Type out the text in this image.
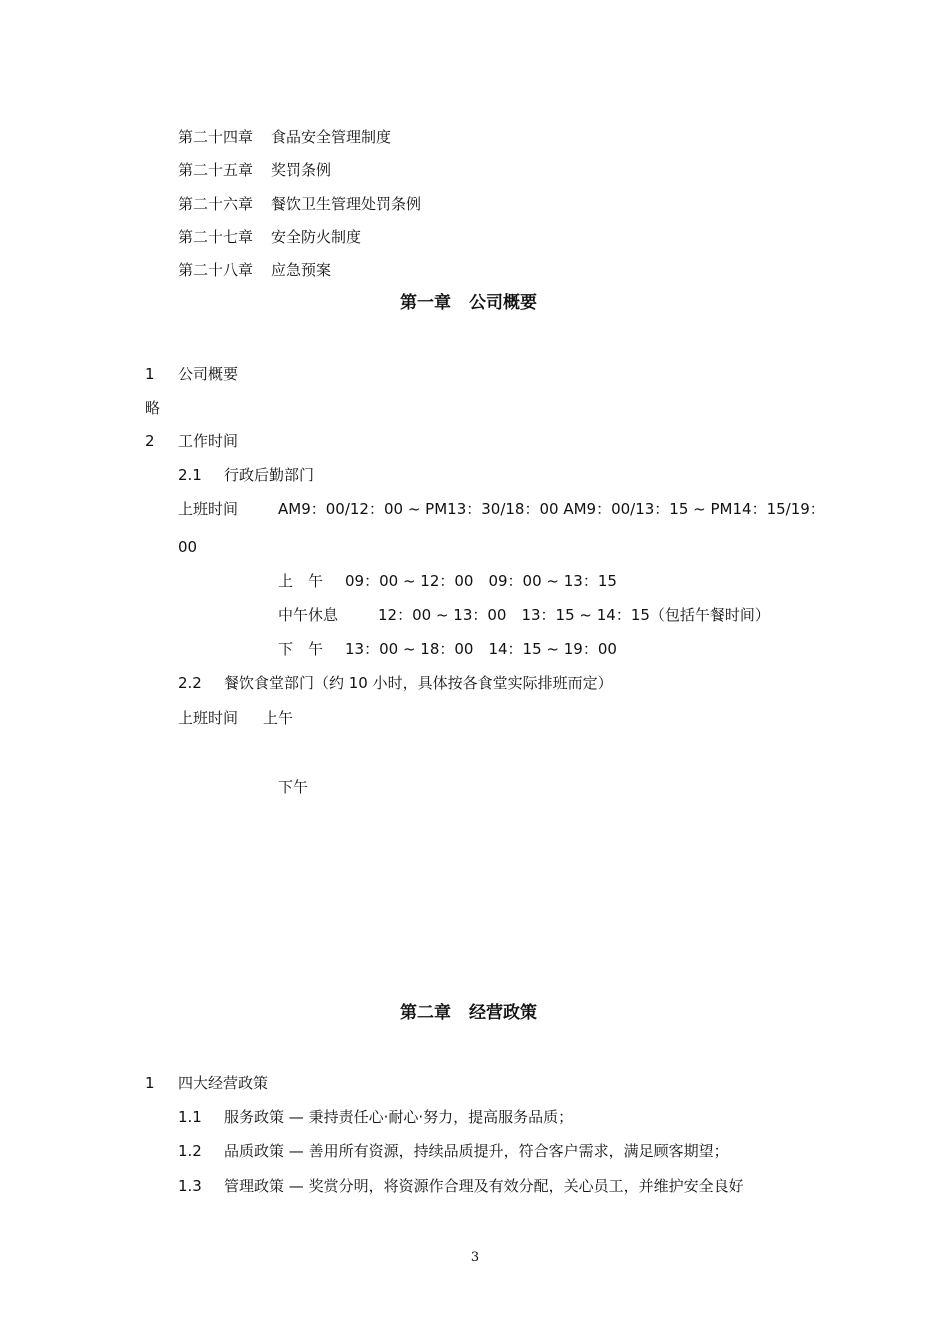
第二十四章 食品安全管理制度
第二十五章 奖罚条例
第二十六章 餐饮卫生管理处罚条例
第二十七章 安全防火制度
第二十八章 应急预案
第一章 公司概要
1 公司概要
略
2 工作时间
2.1 行政后勤部门
上班时间	AM9：00/12：00 ~ PM13：30/18：00 AM9：00/13：15 ~ PM14：15/19：
00
上　午 09：00 ~ 12：00　09：00 ~ 13：15
中午休息	12：00 ~ 13：00　13：15 ~ 14：15（包括午餐时间）
下　午 13：00 ~ 18：00　14：15 ~ 19：00
2.2 餐饮食堂部门（约 10 小时，具体按各食堂实际排班而定）
上班时间 上午
下午
第二章 经营政策
1 四大经营政策
1.1 服务政策 — 秉持责任心·耐心·努力，提高服务品质；
1.2 品质政策 — 善用所有资源，持续品质提升，符合客户需求，满足顾客期望；
1.3 管理政策 — 奖赏分明，将资源作合理及有效分配，关心员工，并维护安全良好
3
